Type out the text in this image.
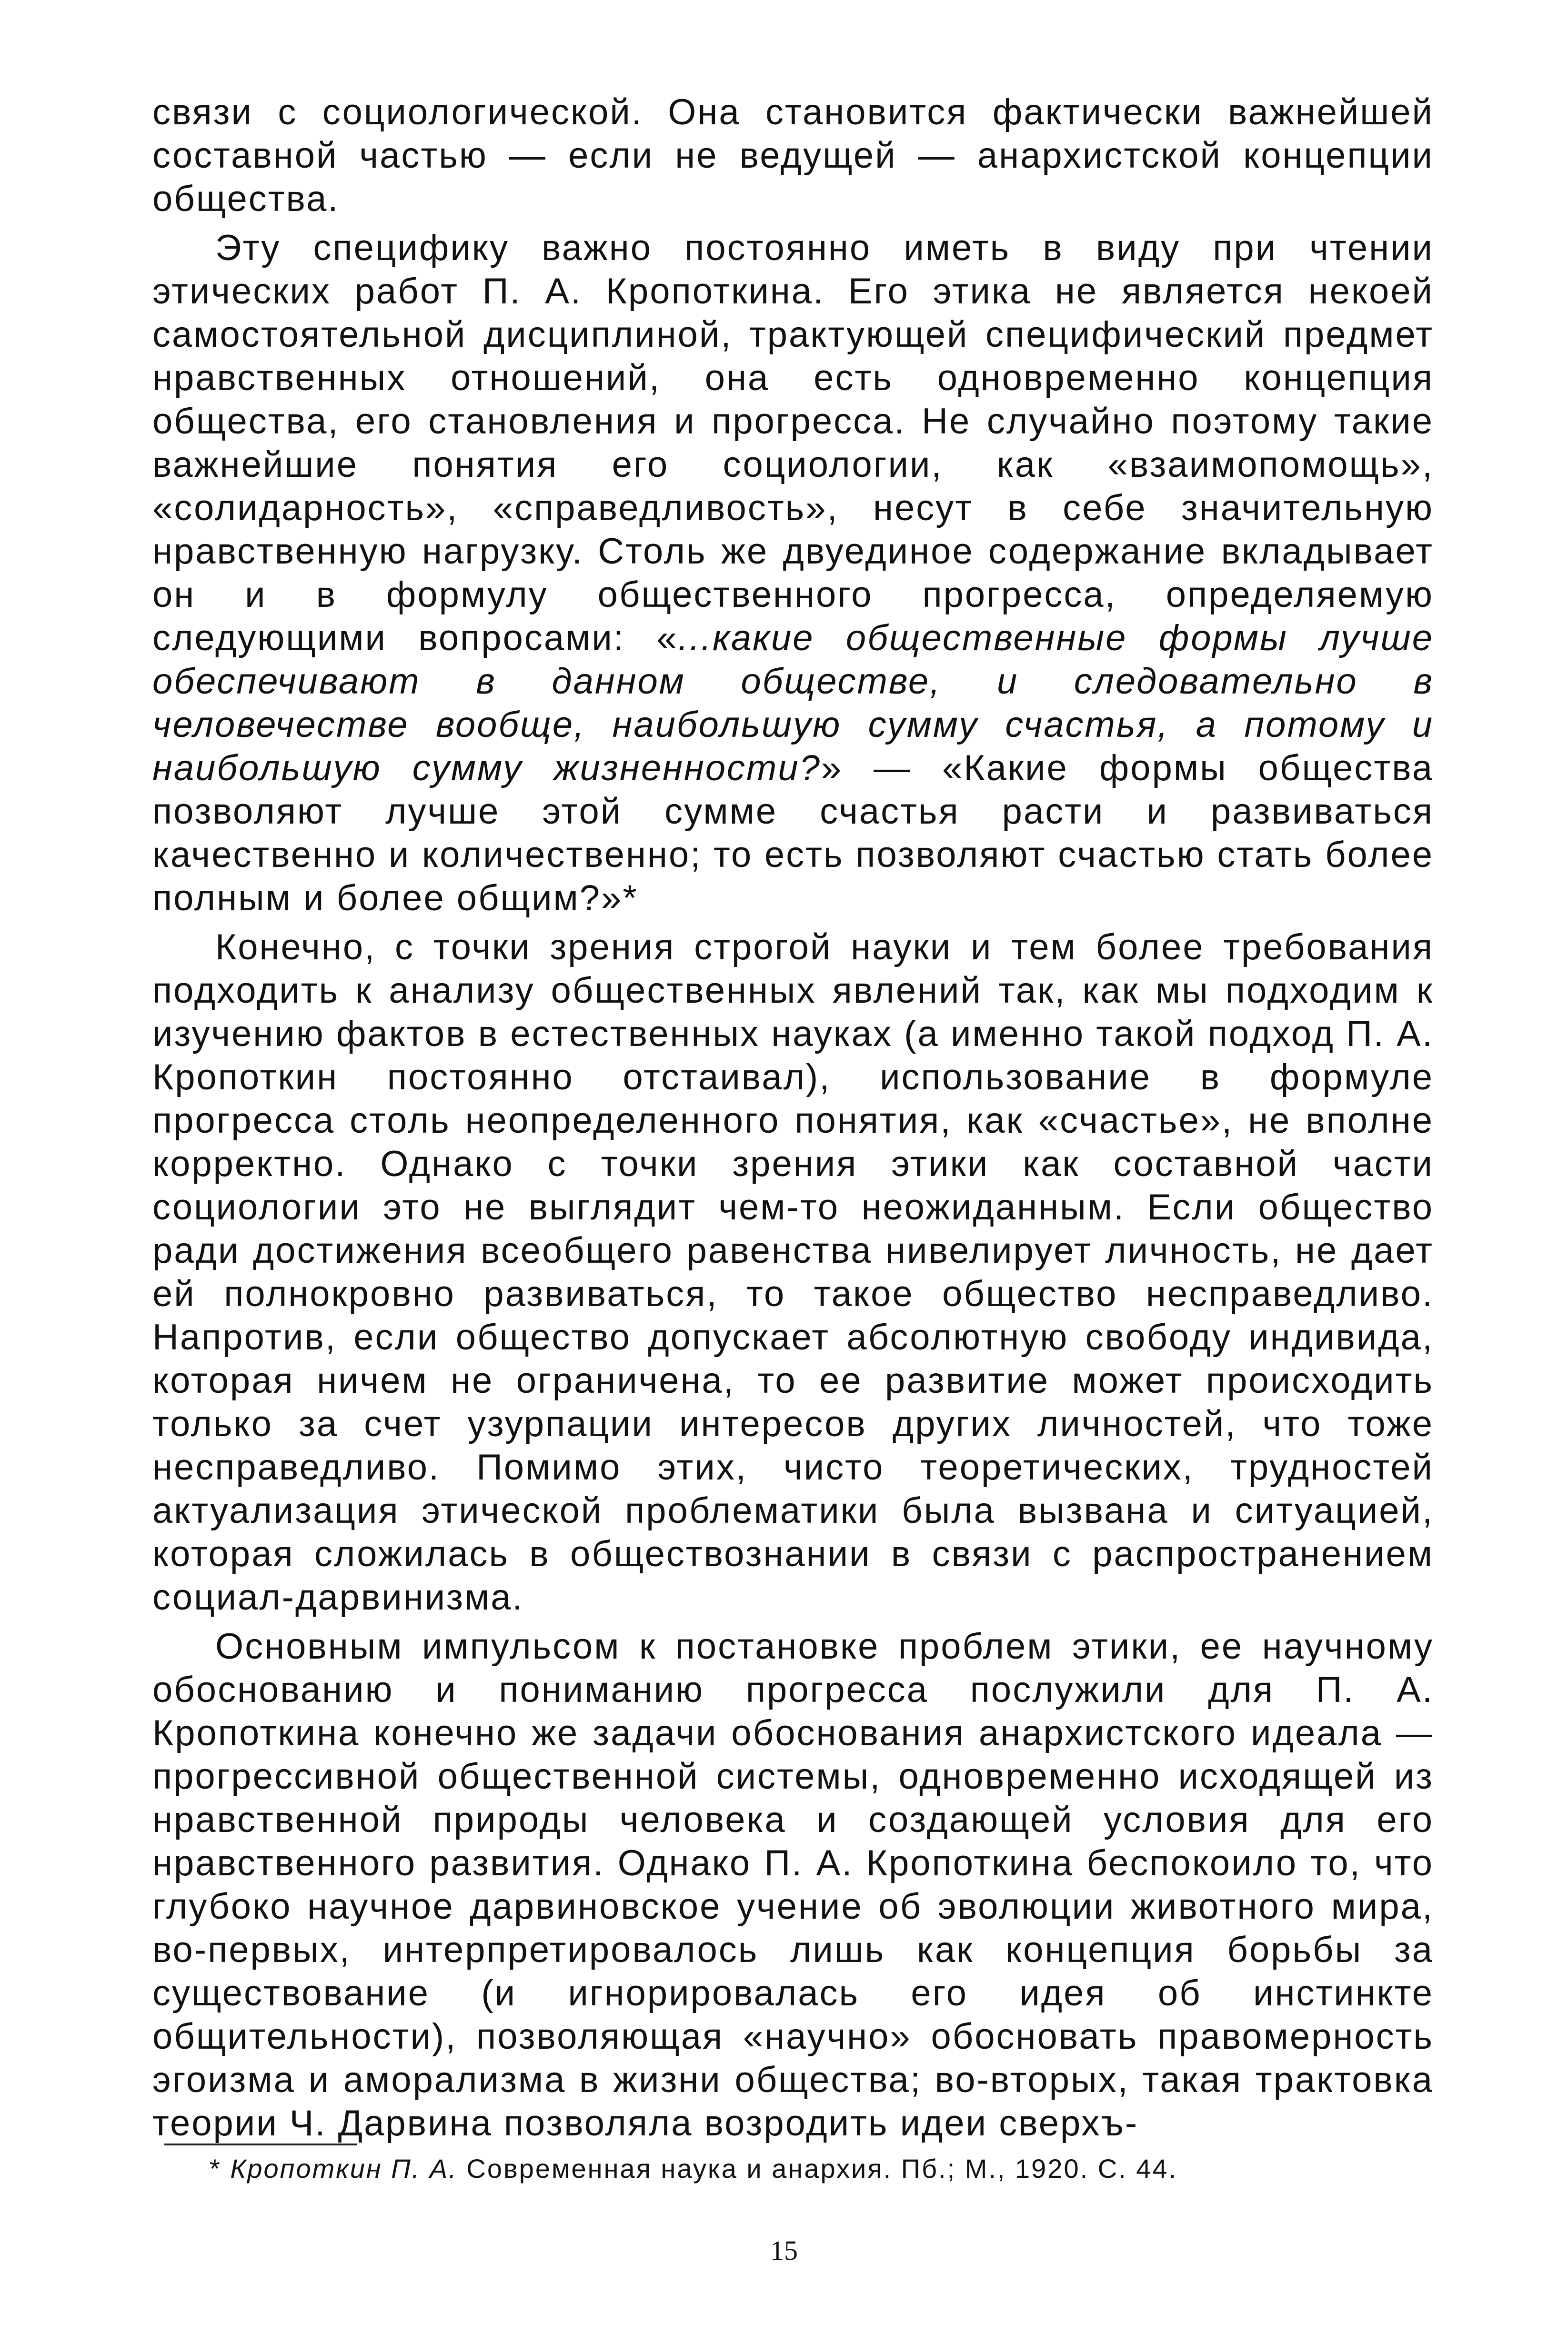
связи с социологической. Она становится фактически важнейшей составной частью — если не ведущей — анархистской концепции общества.

Эту специфику важно постоянно иметь в виду при чтении этических работ П. А. Кропоткина. Его этика не является некоей самостоятельной дисциплиной, трактующей специфический предмет нравственных отношений, она есть одновременно концепция общества, его становления и прогресса. Не случайно поэтому такие важнейшие понятия его социологии, как «взаимопомощь», «солидарность», «справедливость», несут в себе значительную нравственную нагрузку. Столь же двуединое содержание вкладывает он и в формулу общественного прогресса, определяемую следующими вопросами: «...какие общественные формы лучше обеспечивают в данном обществе, и следовательно в человечестве вообще, наибольшую сумму счастья, а потому и наибольшую сумму жизненности?» — «Какие формы общества позволяют лучше этой сумме счастья расти и развиваться качественно и количественно; то есть позволяют счастью стать более полным и более общим?»*

Конечно, с точки зрения строгой науки и тем более требования подходить к анализу общественных явлений так, как мы подходим к изучению фактов в естественных науках (а именно такой подход П. А. Кропоткин постоянно отстаивал), использование в формуле прогресса столь неопределенного понятия, как «счастье», не вполне корректно. Однако с точки зрения этики как составной части социологии это не выглядит чем-то неожиданным. Если общество ради достижения всеобщего равенства нивелирует личность, не дает ей полнокровно развиваться, то такое общество несправедливо. Напротив, если общество допускает абсолютную свободу индивида, которая ничем не ограничена, то ее развитие может происходить только за счет узурпации интересов других личностей, что тоже несправедливо. Помимо этих, чисто теоретических, трудностей актуализация этической проблематики была вызвана и ситуацией, которая сложилась в обществознании в связи с распространением социал-дарвинизма.

Основным импульсом к постановке проблем этики, ее научному обоснованию и пониманию прогресса послужили для П. А. Кропоткина конечно же задачи обоснования анархистского идеала — прогрессивной общественной системы, одновременно исходящей из нравственной природы человека и создающей условия для его нравственного развития. Однако П. А. Кропоткина беспокоило то, что глубоко научное дарвиновское учение об эволюции животного мира, во-первых, интерпретировалось лишь как концепция борьбы за существование (и игнорировалась его идея об инстинкте общительности), позволяющая «научно» обосновать правомерность эгоизма и аморализма в жизни общества; во-вторых, такая трактовка теории Ч. Дарвина позволяла возродить идеи сверхъ-

* Кропоткин П. А. Современная наука и анархия. Пб.; М., 1920. С. 44.
15
